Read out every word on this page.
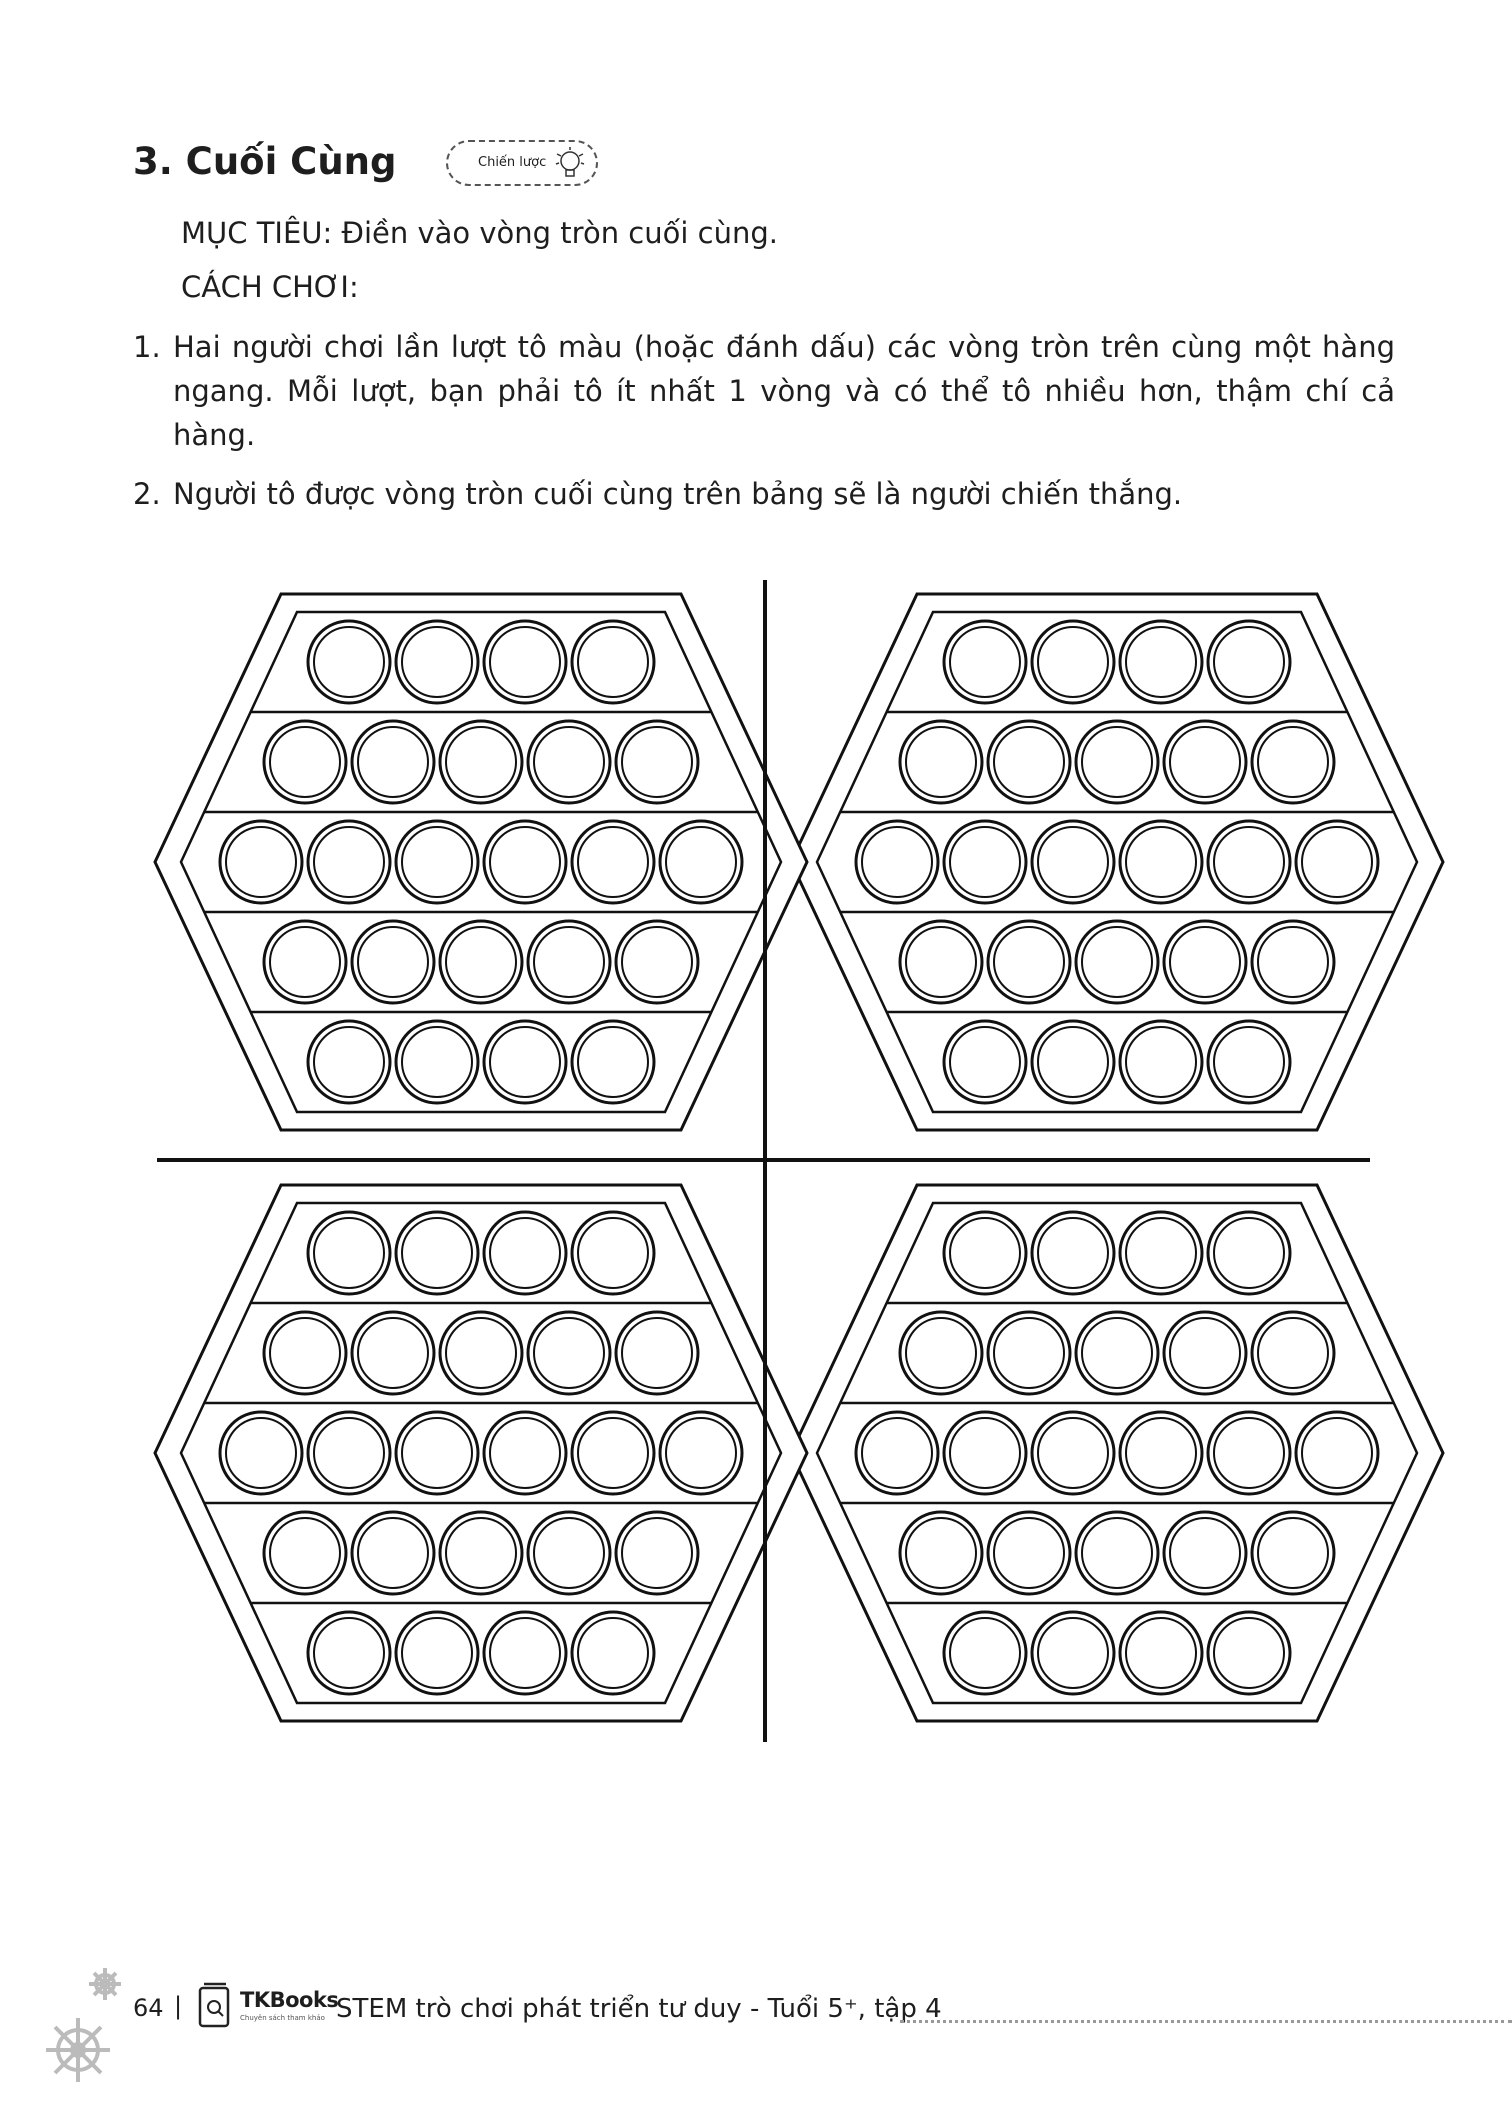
3. Cuối Cùng	Chiến lược
MỤC TIÊU: Điền vào vòng tròn cuối cùng.
CÁCH CHƠI:
1. Hai người chơi lần lượt tô màu (hoặc đánh dấu) các vòng tròn trên cùng một hàng ngang. Mỗi lượt, bạn phải tô ít nhất 1 vòng và có thể tô nhiều hơn, thậm chí cả hàng.
2. Người tô được vòng tròn cuối cùng trên bảng sẽ là người chiến thắng.
64 |	TKBooks
Chuyên sách tham khảo STEM trò chơi phát triển tư duy - Tuổi 5⁺, tập 4
